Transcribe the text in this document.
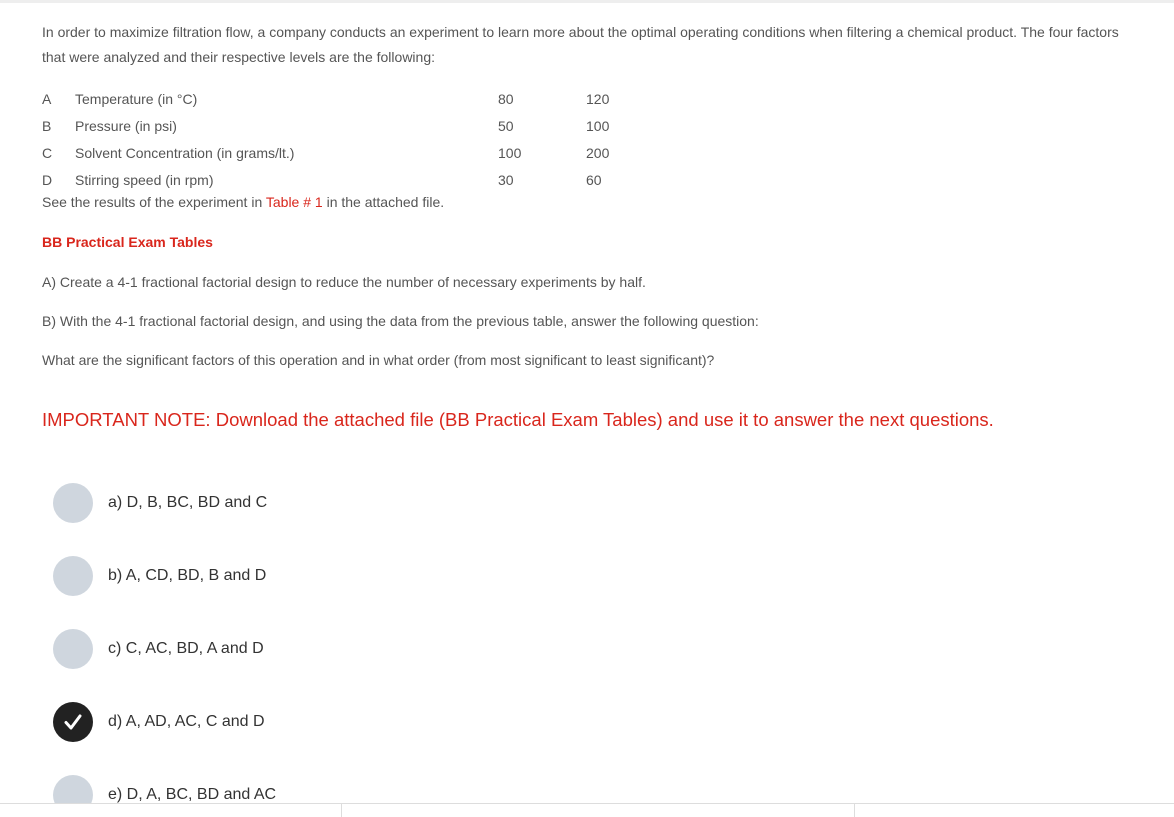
In order to maximize filtration flow, a company conducts an experiment to learn more about the optimal operating conditions when filtering a chemical product. The four factors that were analyzed and their respective levels are the following:

A	Temperature (in °C)	80	120
B	Pressure (in psi)	50	100
C	Solvent Concentration (in grams/lt.)	100	200
D	Stirring speed (in rpm)	30	60
See the results of the experiment in Table # 1 in the attached file.
BB Practical Exam Tables
A) Create a 4-1 fractional factorial design to reduce the number of necessary experiments by half.
B) With the 4-1 fractional factorial design, and using the data from the previous table, answer the following question:
What are the significant factors of this operation and in what order (from most significant to least significant)?
IMPORTANT NOTE: Download the attached file (BB Practical Exam Tables) and use it to answer the next questions.
a) D, B, BC, BD and C
b) A, CD, BD, B and D
c) C, AC, BD, A and D
d) A, AD, AC, C and D
e) D, A, BC, BD and AC
